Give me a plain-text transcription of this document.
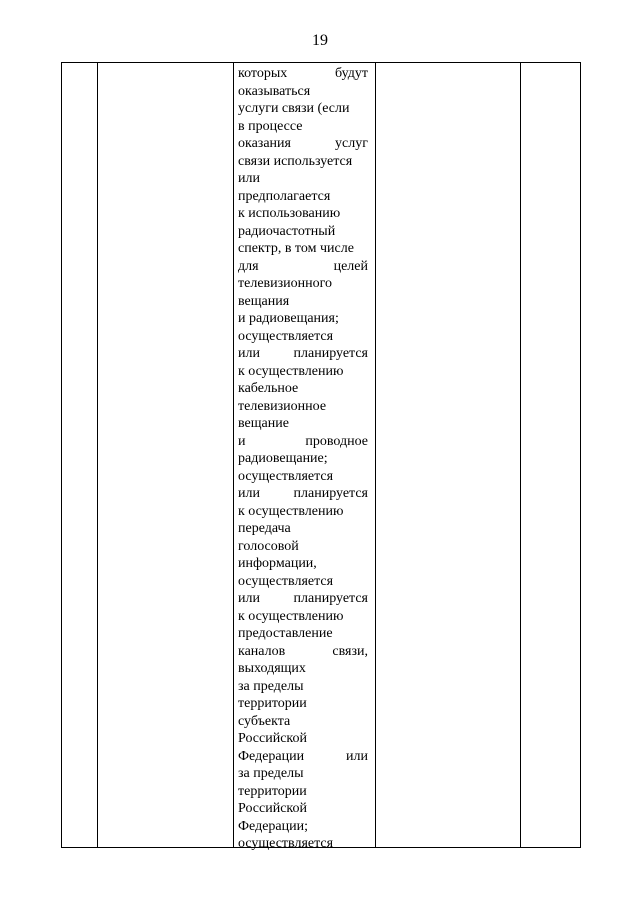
19
которых	будут
оказываться
услуги связи (если
в процессе
оказания	услуг
связи используется
или
предполагается
к использованию
радиочастотный
спектр, в том числе
для	целей
телевизионного
вещания
и радиовещания;
осуществляется
или планируется
к осуществлению
кабельное
телевизионное
вещание
и	проводное
радиовещание;
осуществляется
или планируется
к осуществлению
передача
голосовой
информации,
осуществляется
или планируется
к осуществлению
предоставление
каналов	связи,
выходящих
за пределы
территории
субъекта
Российской
Федерации	или
за пределы
территории
Российской
Федерации;
осуществляется
